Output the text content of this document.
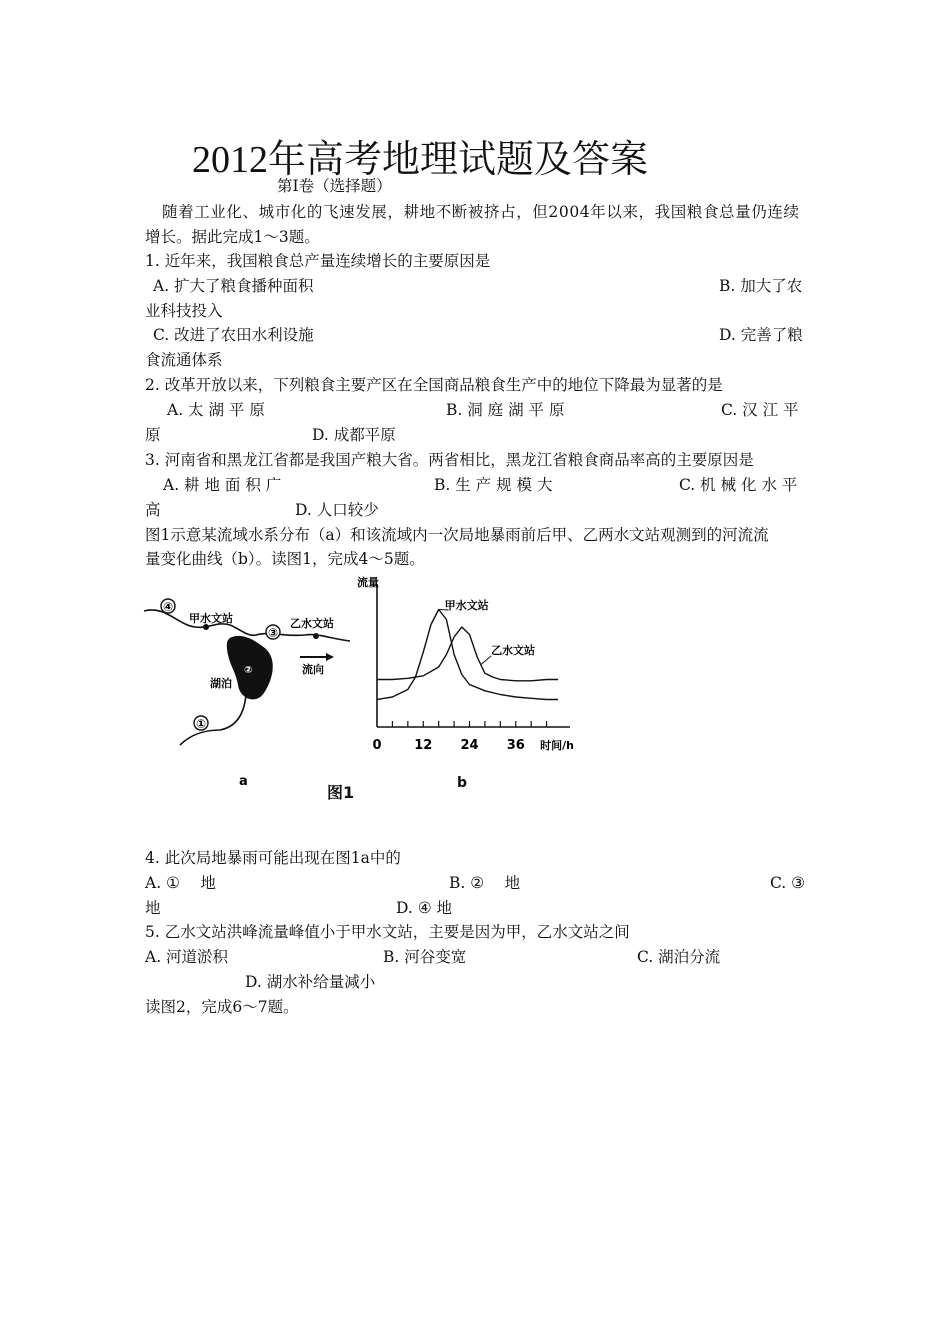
2012年高考地理试题及答案
第I卷（选择题）
随着工业化、城市化的飞速发展，耕地不断被挤占，但2004年以来，我国粮食总量仍连续
增长。据此完成1～3题。
1. 近年来，我国粮食总产量连续增长的主要原因是
A. 扩大了粮食播种面积	B. 加大了农
业科技投入
C. 改进了农田水利设施	D. 完善了粮
食流通体系
2. 改革开放以来，下列粮食主要产区在全国商品粮食生产中的地位下降最为显著的是
A. 太 湖 平 原	B. 洞 庭 湖 平 原	C. 汉 江 平
原	D. 成都平原
3. 河南省和黑龙江省都是我国产粮大省。两省相比，黑龙江省粮食商品率高的主要原因是
A. 耕 地 面 积 广	B. 生 产 规 模 大	C. 机 械 化 水 平
高	D. 人口较少
图1示意某流域水系分布（a）和该流域内一次局地暴雨前后甲、乙两水文站观测到的河流流
量变化曲线（b）。读图1，完成4～5题。
④
③
①
②
甲水文站	乙水文站
湖泊
流向
a
0	12 24 36
流量
时间/h
甲水文站
乙水文站
图1	b
4. 此次局地暴雨可能出现在图1a中的
A. ①　 地	B. ②　 地	C. ③
地	D. ④ 地
5. 乙水文站洪峰流量峰值小于甲水文站，主要是因为甲，乙水文站之间
A. 河道淤积	B. 河谷变宽	C. 湖泊分流
D. 湖水补给量减小
读图2，完成6～7题。
